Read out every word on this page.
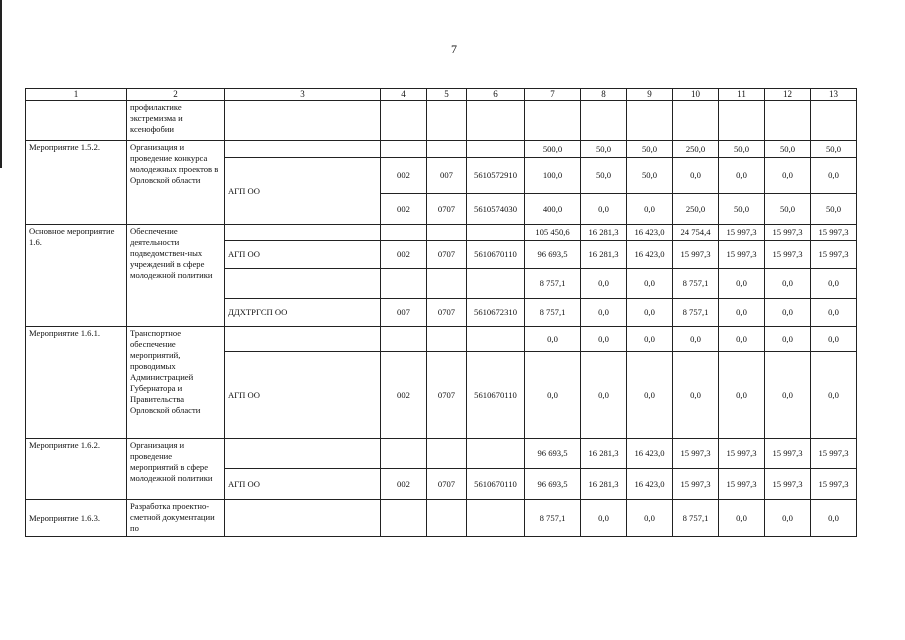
7
1	2	3	4	5	6	7	8	9	10	11	12	13
	профилактике экстремизма и ксенофобии											
Мероприятие 1.5.2.	Организация и проведение конкурса молодежных проектов в Орловской области					500,0	50,0	50,0	250,0	50,0	50,0	50,0
		АГП ОО	002	007	5610572910	100,0	50,0	50,0	0,0	0,0	0,0	0,0
			002	0707	5610574030	400,0	0,0	0,0	250,0	50,0	50,0	50,0
Основное мероприятие 1.6.	Обеспечение деятельности подведомствен-ных учреждений в сфере молодежной политики					105 450,6	16 281,3	16 423,0	24 754,4	15 997,3	15 997,3	15 997,3
		АГП ОО	002	0707	5610670110	96 693,5	16 281,3	16 423,0	15 997,3	15 997,3	15 997,3	15 997,3
						8 757,1	0,0	0,0	8 757,1	0,0	0,0	0,0
		ДДХТРГСП ОО	007	0707	5610672310	8 757,1	0,0	0,0	8 757,1	0,0	0,0	0,0
Мероприятие 1.6.1.	Транспортное обеспечение мероприятий, проводимых Администрацией Губернатора и Правительства Орловской области					0,0	0,0	0,0	0,0	0,0	0,0	0,0
		АГП ОО	002	0707	5610670110	0,0	0,0	0,0	0,0	0,0	0,0	0,0
Мероприятие 1.6.2.	Организация и проведение мероприятий в сфере молодежной политики					96 693,5	16 281,3	16 423,0	15 997,3	15 997,3	15 997,3	15 997,3
		АГП ОО	002	0707	5610670110	96 693,5	16 281,3	16 423,0	15 997,3	15 997,3	15 997,3	15 997,3
Мероприятие 1.6.3.	Разработка проектно-сметной документации по					8 757,1	0,0	0,0	8 757,1	0,0	0,0	0,0
